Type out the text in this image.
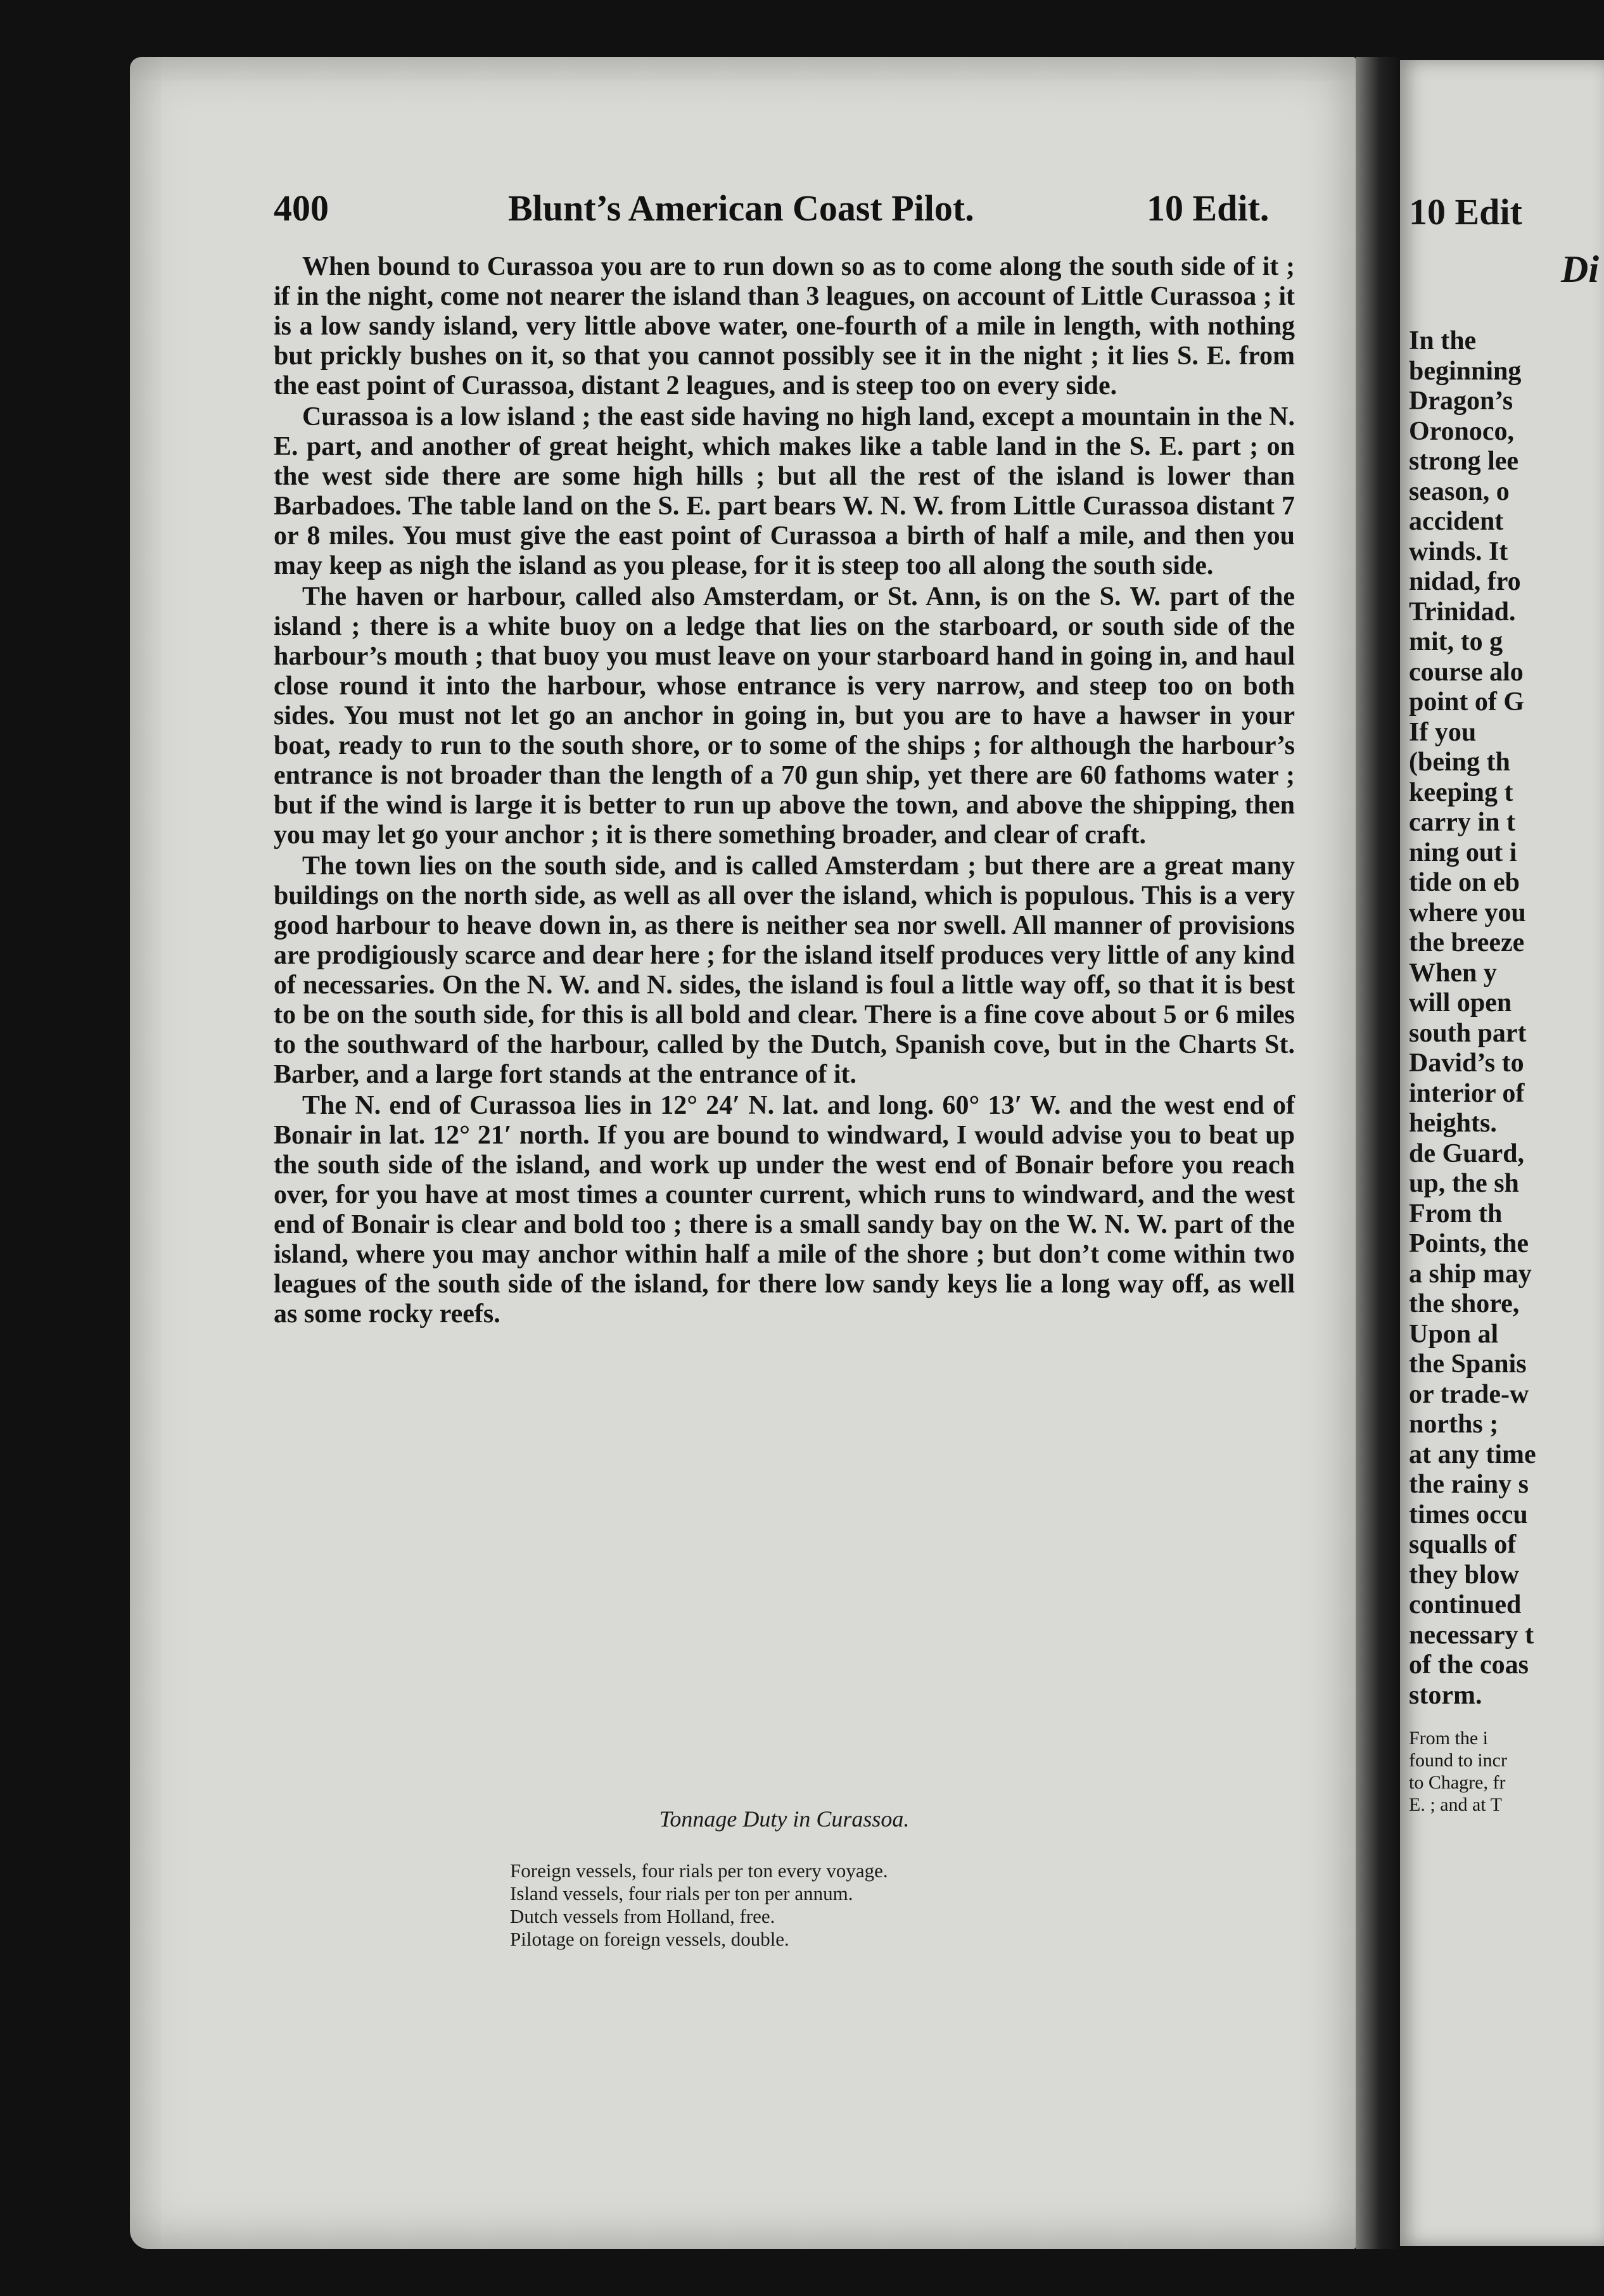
400	Blunt’s American Coast Pilot.	10 Edit.

When bound to Curassoa you are to run down so as to come along the south side of it ; if in the night, come not nearer the island than 3 leagues, on account of Little Curassoa ; it is a low sandy island, very little above water, one-fourth of a mile in length, with nothing but prickly bushes on it, so that you cannot possibly see it in the night ; it lies S. E. from the east point of Curassoa, distant 2 leagues, and is steep too on every side.

Curassoa is a low island ; the east side having no high land, except a mountain in the N. E. part, and another of great height, which makes like a table land in the S. E. part ; on the west side there are some high hills ; but all the rest of the island is lower than Barbadoes. The table land on the S. E. part bears W. N. W. from Little Curassoa distant 7 or 8 miles. You must give the east point of Curassoa a birth of half a mile, and then you may keep as nigh the island as you please, for it is steep too all along the south side.

The haven or harbour, called also Amsterdam, or St. Ann, is on the S. W. part of the island ; there is a white buoy on a ledge that lies on the starboard, or south side of the harbour’s mouth ; that buoy you must leave on your starboard hand in going in, and haul close round it into the harbour, whose entrance is very narrow, and steep too on both sides. You must not let go an anchor in going in, but you are to have a hawser in your boat, ready to run to the south shore, or to some of the ships ; for although the harbour’s entrance is not broader than the length of a 70 gun ship, yet there are 60 fathoms water ; but if the wind is large it is better to run up above the town, and above the shipping, then you may let go your anchor ; it is there something broader, and clear of craft.

The town lies on the south side, and is called Amsterdam ; but there are a great many buildings on the north side, as well as all over the island, which is populous. This is a very good harbour to heave down in, as there is neither sea nor swell. All manner of provisions are prodigiously scarce and dear here ; for the island itself produces very little of any kind of necessaries. On the N. W. and N. sides, the island is foul a little way off, so that it is best to be on the south side, for this is all bold and clear. There is a fine cove about 5 or 6 miles to the southward of the harbour, called by the Dutch, Spanish cove, but in the Charts St. Barber, and a large fort stands at the entrance of it.

The N. end of Curassoa lies in 12° 24′ N. lat. and long. 60° 13′ W. and the west end of Bonair in lat. 12° 21′ north. If you are bound to windward, I would advise you to beat up the south side of the island, and work up under the west end of Bonair before you reach over, for you have at most times a counter current, which runs to windward, and the west end of Bonair is clear and bold too ; there is a small sandy bay on the W. N. W. part of the island, where you may anchor within half a mile of the shore ; but don’t come within two leagues of the south side of the island, for there low sandy keys lie a long way off, as well as some rocky reefs.

Tonnage Duty in Curassoa.
Foreign vessels, four rials per ton every voyage.
Island vessels, four rials per ton per annum.
Dutch vessels from Holland, free.
Pilotage on foreign vessels, double.
10 Edit
Di
In the
beginning
Dragon’s
Oronoco,
strong lee
season, o
accident
winds. It
nidad, fro
Trinidad.
mit, to g
course alo
point of G
If you
(being th
keeping t
carry in t
ning out i
tide on eb
where you
the breeze
When y
will open
south part
David’s to
interior of
heights.
de Guard,
up, the sh
From th
Points, the
a ship may
the shore,
Upon al
the Spanis
or trade-w
norths ;
at any time
the rainy s
times occu
squalls of
they blow
continued
necessary t
of the coas
storm.
From the i
found to incr
to Chagre, fr
E. ; and at T
